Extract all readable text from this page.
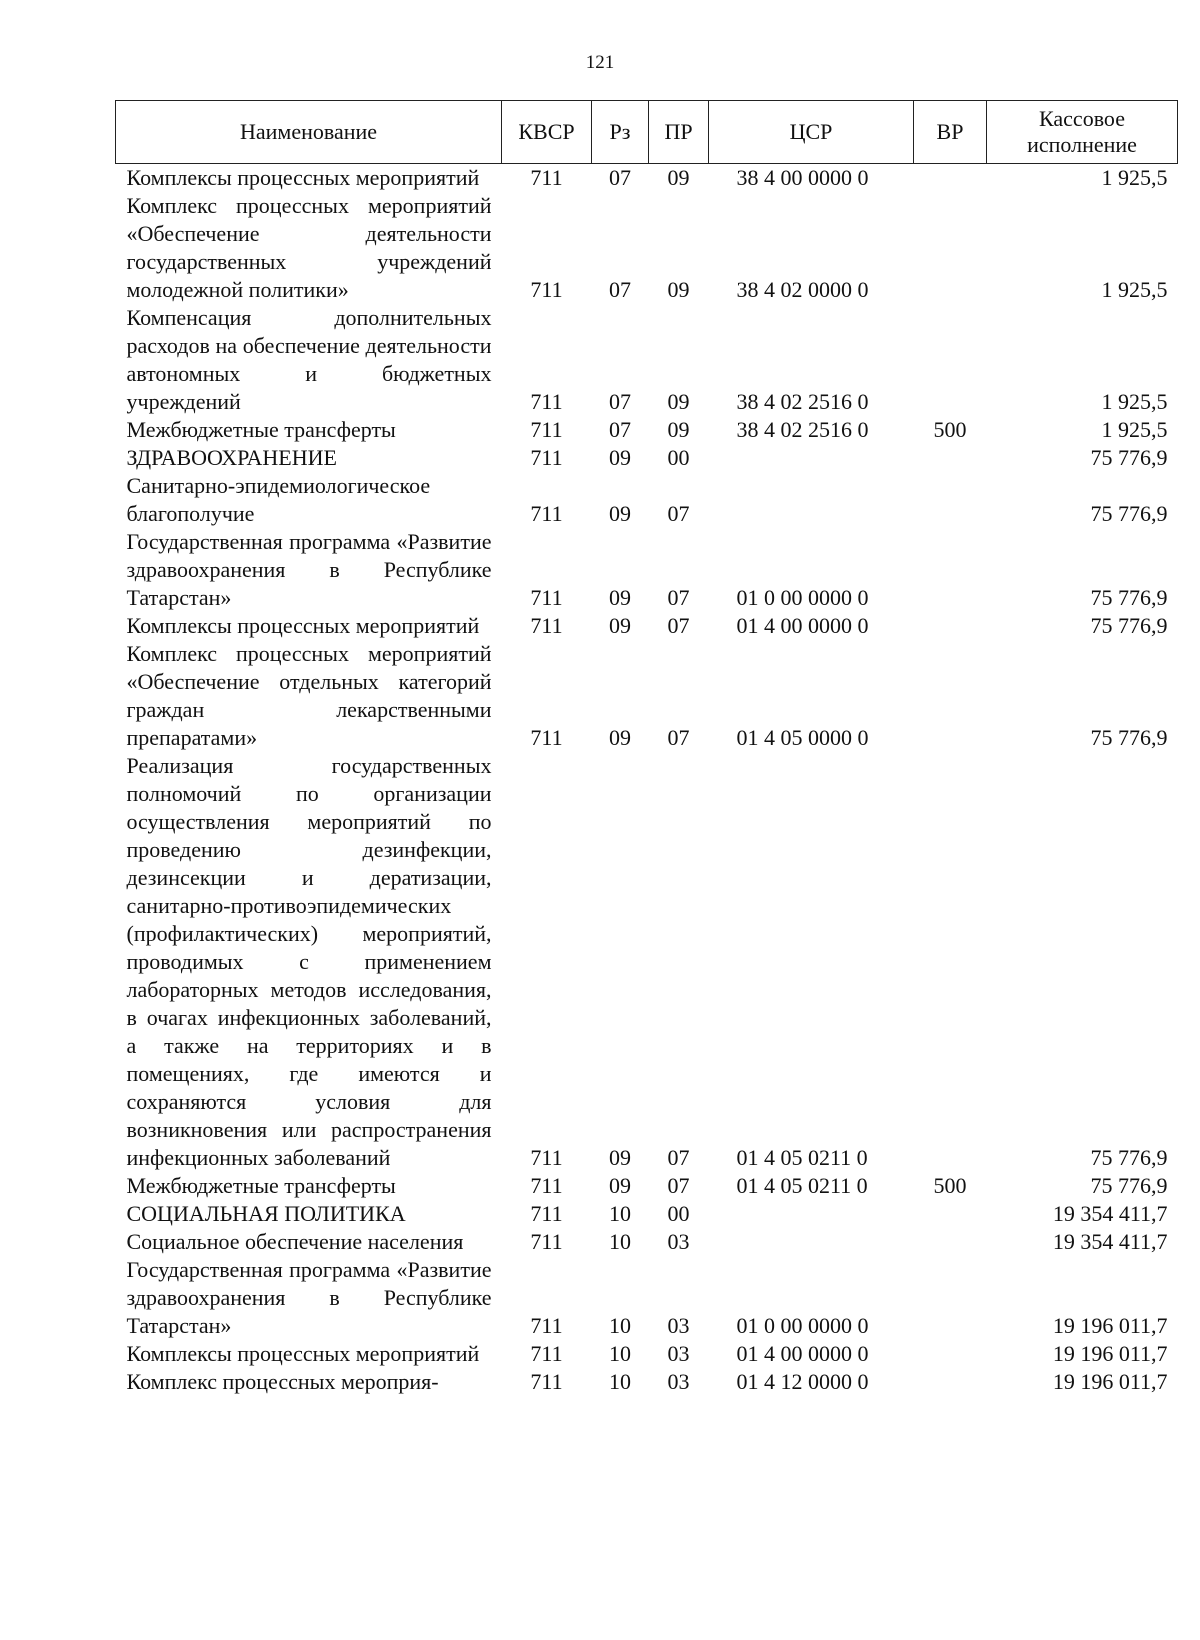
121
Наименование	КВСР	Рз	ПР	ЦСР	ВР	Кассовое исполнение
Комплексы процессных мероприятий	711	07	09	38 4 00 0000 0		1 925,5
Комплекс процессных мероприятий «Обеспечение деятельности государственных учреждений молодежной политики»	711	07	09	38 4 02 0000 0		1 925,5
Компенсация дополнительных расходов на обеспечение деятельности автономных и бюджетных учреждений	711	07	09	38 4 02 2516 0		1 925,5
Межбюджетные трансферты	711	07	09	38 4 02 2516 0	500	1 925,5
ЗДРАВООХРАНЕНИЕ	711	09	00			75 776,9
Санитарно-эпидемиологическое благополучие	711	09	07			75 776,9
Государственная программа «Развитие здравоохранения в Республике Татарстан»	711	09	07	01 0 00 0000 0		75 776,9
Комплексы процессных мероприятий	711	09	07	01 4 00 0000 0		75 776,9
Комплекс процессных мероприятий «Обеспечение отдельных категорий граждан лекарственными препаратами»	711	09	07	01 4 05 0000 0		75 776,9
Реализация государственных полномочий по организации осуществления мероприятий по проведению дезинфекции, дезинсекции и дератизации, санитарно-противоэпидемических (профилактических) мероприятий, проводимых с применением лабораторных методов исследования, в очагах инфекционных заболеваний, а также на территориях и в помещениях, где имеются и сохраняются условия для возникновения или распространения инфекционных заболеваний	711	09	07	01 4 05 0211 0		75 776,9
Межбюджетные трансферты	711	09	07	01 4 05 0211 0	500	75 776,9
СОЦИАЛЬНАЯ ПОЛИТИКА	711	10	00			19 354 411,7
Социальное обеспечение населения	711	10	03			19 354 411,7
Государственная программа «Развитие здравоохранения в Республике Татарстан»	711	10	03	01 0 00 0000 0		19 196 011,7
Комплексы процессных мероприятий	711	10	03	01 4 00 0000 0		19 196 011,7
Комплекс процессных мероприя-	711	10	03	01 4 12 0000 0		19 196 011,7
